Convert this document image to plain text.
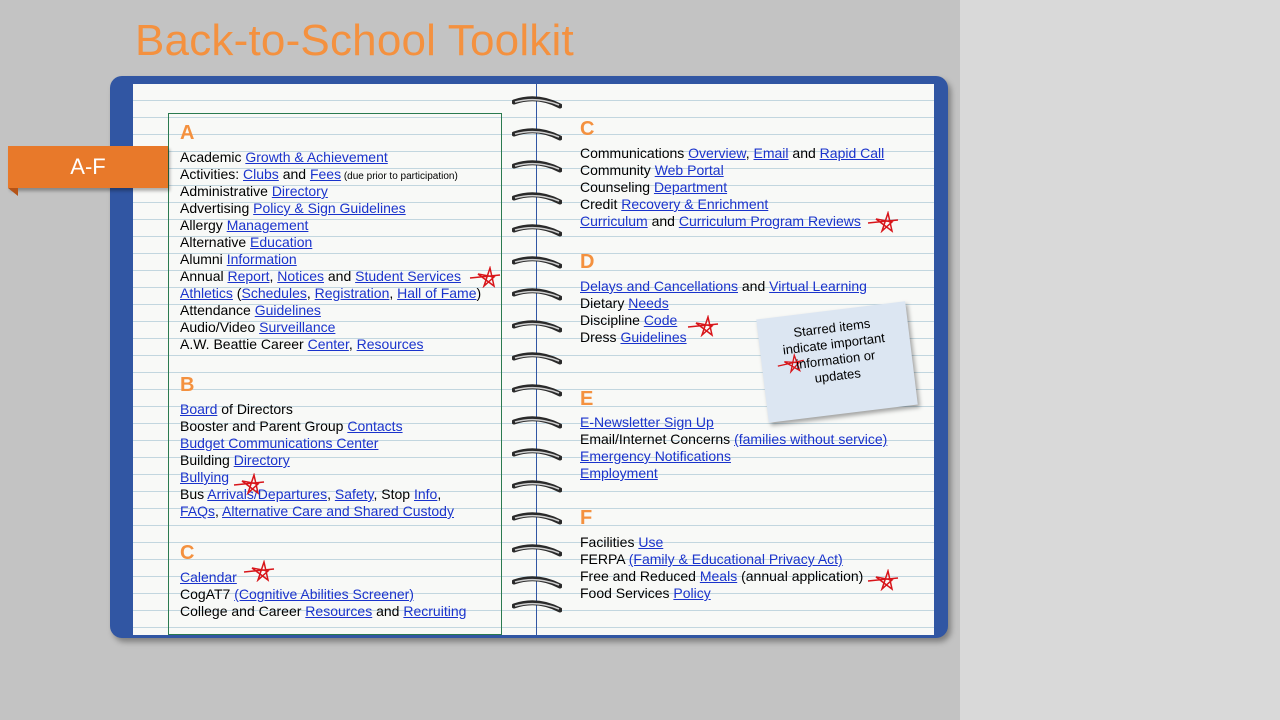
Back-to-School Toolkit
A-F
A
Academic Growth & Achievement
Activities: Clubs and Fees (due prior to participation)
Administrative Directory
Advertising Policy & Sign Guidelines
Allergy Management
Alternative Education
Alumni Information
Annual Report, Notices and Student Services
Athletics (Schedules, Registration, Hall of Fame)
Attendance Guidelines
Audio/Video Surveillance
A.W. Beattie Career Center, Resources
B
Board of Directors
Booster and Parent Group Contacts
Budget Communications Center
Building Directory
Bullying
Bus Arrivals/Departures, Safety, Stop Info,
FAQs, Alternative Care and Shared Custody
C
Calendar
CogAT7 (Cognitive Abilities Screener)
College and Career Resources and Recruiting
C
Communications Overview, Email and Rapid Call
Community Web Portal
Counseling Department
Credit Recovery & Enrichment
Curriculum and Curriculum Program Reviews
D
Delays and Cancellations and Virtual Learning
Dietary Needs
Discipline Code
Dress Guidelines
E
E-Newsletter Sign Up
Email/Internet Concerns (families without service)
Emergency Notifications
Employment
F
Facilities Use
FERPA (Family & Educational Privacy Act)
Free and Reduced Meals (annual application)
Food Services Policy
Starred items indicate important information or updates
